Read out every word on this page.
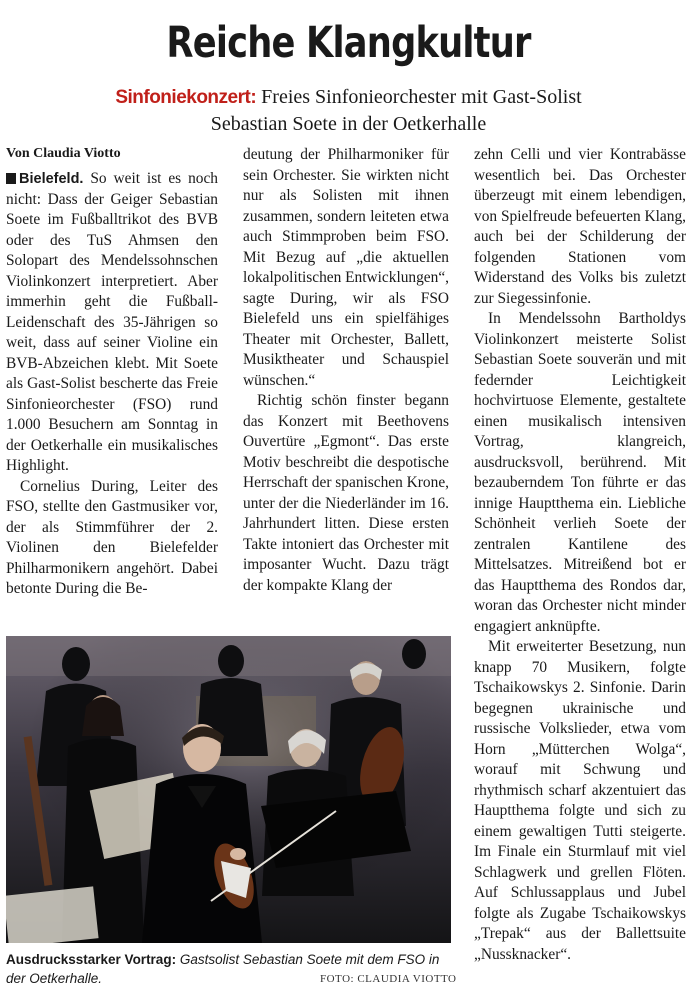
Reiche Klangkultur
Sinfoniekonzert: Freies Sinfonieorchester mit Gast-Solist
Sebastian Soete in der Oetkerhalle
Von Claudia Viotto

Bielefeld. So weit ist es noch nicht: Dass der Geiger Sebastian Soete im Fußballtrikot des BVB oder des TuS Ahmsen den Solopart des Mendelssohnschen Violinkonzert interpretiert. Aber immerhin geht die Fußball-Leidenschaft des 35-Jährigen so weit, dass auf seiner Violine ein BVB-Abzeichen klebt. Mit Soete als Gast-Solist bescherte das Freie Sinfonieorchester (FSO) rund 1.000 Besuchern am Sonntag in der Oetkerhalle ein musikalisches Highlight.

Cornelius During, Leiter des FSO, stellte den Gastmusiker vor, der als Stimmführer der 2. Violinen den Bielefelder Philharmonikern angehört. Dabei betonte During die Be-

deutung der Philharmoniker für sein Orchester. Sie wirkten nicht nur als Solisten mit ihnen zusammen, sondern leiteten etwa auch Stimmproben beim FSO. Mit Bezug auf „die aktuellen lokalpolitischen Entwicklungen“, sagte During, wir als FSO Bielefeld uns ein spielfähiges Theater mit Orchester, Ballett, Musiktheater und Schauspiel wünschen.“

Richtig schön finster begann das Konzert mit Beethovens Ouvertüre „Egmont“. Das erste Motiv beschreibt die despotische Herrschaft der spanischen Krone, unter der die Niederländer im 16. Jahrhundert litten. Diese ersten Takte intoniert das Orchester mit imposanter Wucht. Dazu trägt der kompakte Klang der

zehn Celli und vier Kontrabässe wesentlich bei. Das Orchester überzeugt mit einem lebendigen, von Spielfreude befeuerten Klang, auch bei der Schilderung der folgenden Stationen vom Widerstand des Volks bis zuletzt zur Siegessinfonie.

In Mendelssohn Bartholdys Violinkonzert meisterte Solist Sebastian Soete souverän und mit federnder Leichtigkeit hochvirtuose Elemente, gestaltete einen musikalisch intensiven Vortrag, klangreich, ausdrucksvoll, berührend. Mit bezauberndem Ton führte er das innige Hauptthema ein. Liebliche Schönheit verlieh Soete der zentralen Kantilene des Mittelsatzes. Mitreißend bot er das Hauptthema des Rondos dar, woran das Orchester nicht minder engagiert anknüpfte.

Mit erweiterter Besetzung, nun knapp 70 Musikern, folgte Tschaikowskys 2. Sinfonie. Darin begegnen ukrainische und russische Volkslieder, etwa vom Horn „Mütterchen Wolga“, worauf mit Schwung und rhythmisch scharf akzentuiert das Hauptthema folgte und sich zu einem gewaltigen Tutti steigerte. Im Finale ein Sturmlauf mit viel Schlagwerk und grellen Flöten. Auf Schlussapplaus und Jubel folgte als Zugabe Tschaikowskys „Trepak“ aus der Ballettsuite „Nussknacker“.

Ausdrucksstarker Vortrag: Gastsolist Sebastian Soete mit dem FSO in der Oetkerhalle.	FOTO: CLAUDIA VIOTTO
